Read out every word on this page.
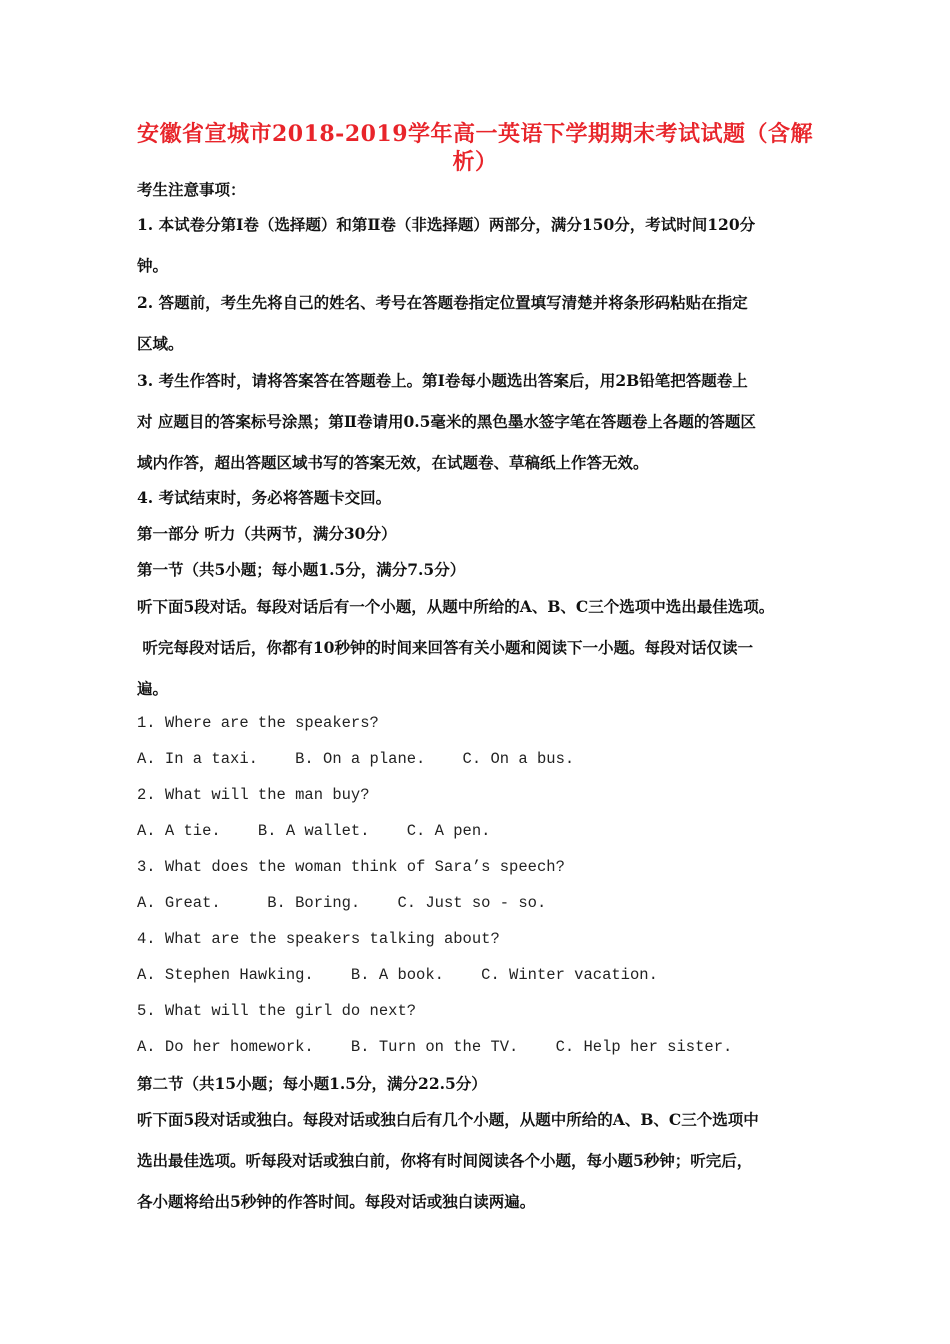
安徽省宣城市2018-2019学年高一英语下学期期末考试试题（含解析）
考生注意事项：
1. 本试卷分第Ⅰ卷（选择题）和第Ⅱ卷（非选择题）两部分，满分150分，考试时间120分
钟。
2. 答题前，考生先将自己的姓名、考号在答题卷指定位置填写清楚并将条形码粘贴在指定
区域。
3. 考生作答时，请将答案答在答题卷上。第Ⅰ卷每小题选出答案后，用2B铅笔把答题卷上
对 应题目的答案标号涂黑；第Ⅱ卷请用0.5毫米的黑色墨水签字笔在答题卷上各题的答题区
域内作答，超出答题区域书写的答案无效，在试题卷、草稿纸上作答无效。
4. 考试结束时，务必将答题卡交回。
第一部分 听力（共两节，满分30分）
第一节（共5小题；每小题1.5分，满分7.5分）
听下面5段对话。每段对话后有一个小题，从题中所给的A、B、C三个选项中选出最佳选项。
听完每段对话后，你都有10秒钟的时间来回答有关小题和阅读下一小题。每段对话仅读一
遍。
1. Where are the speakers?
A. In a taxi.    B. On a plane.    C. On a bus.
2. What will the man buy?
A. A tie.    B. A wallet.    C. A pen.
3. What does the woman think of Sara’s speech?
A. Great.     B. Boring.    C. Just so - so.
4. What are the speakers talking about?
A. Stephen Hawking.    B. A book.    C. Winter vacation.
5. What will the girl do next?
A. Do her homework.    B. Turn on the TV.    C. Help her sister.
第二节（共15小题；每小题1.5分，满分22.5分）
听下面5段对话或独白。每段对话或独白后有几个小题，从题中所给的A、B、C三个选项中
选出最佳选项。听每段对话或独白前，你将有时间阅读各个小题，每小题5秒钟；听完后，
各小题将给出5秒钟的作答时间。每段对话或独白读两遍。
